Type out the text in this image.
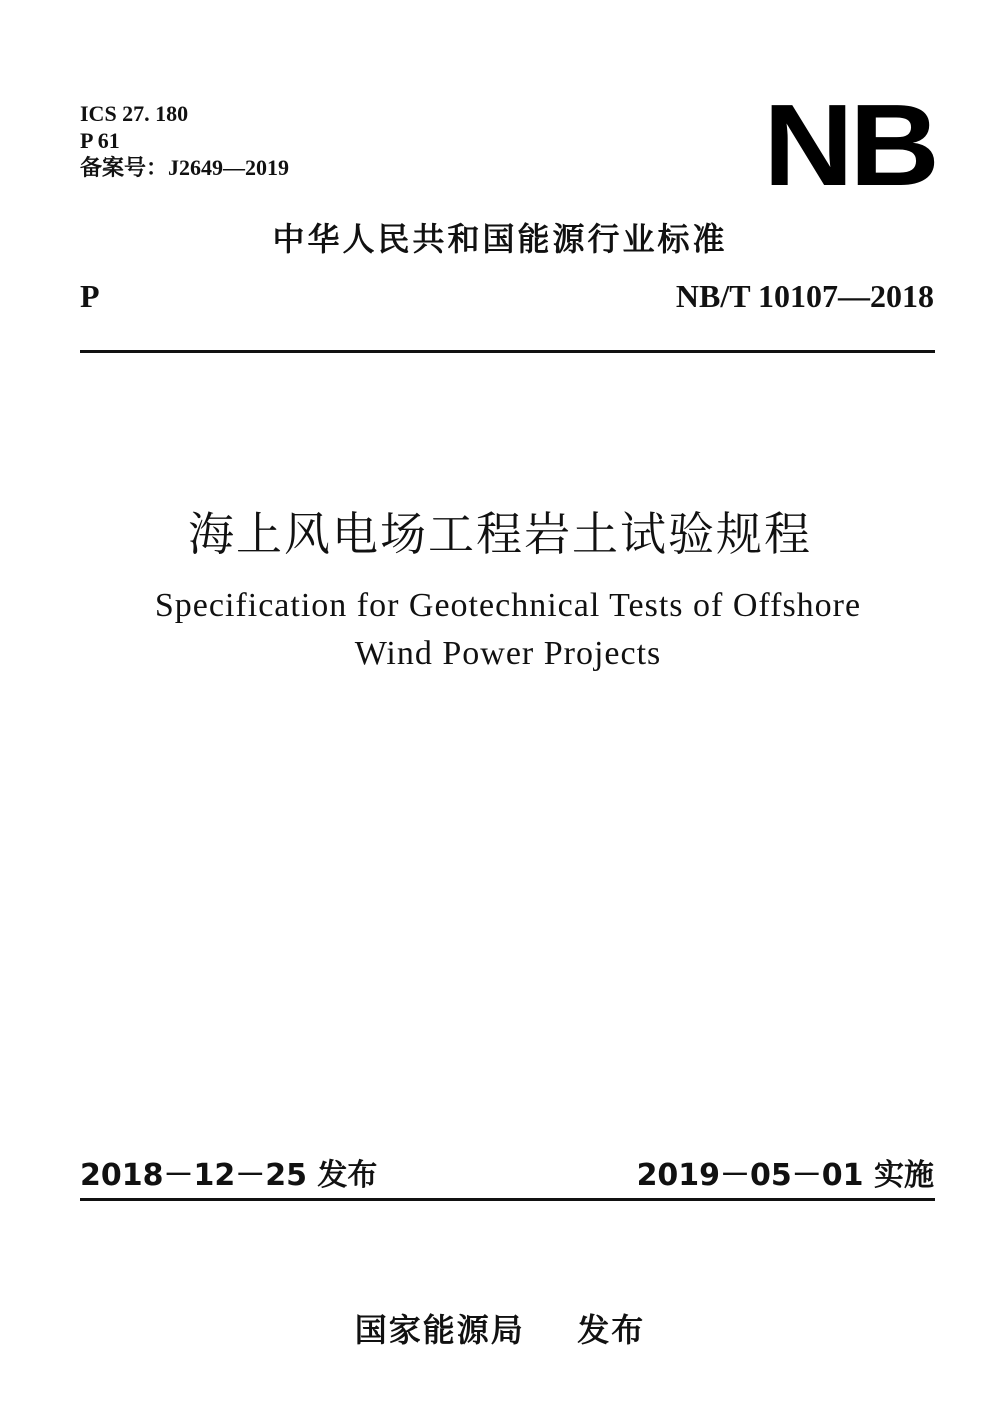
ICS 27. 180
P 61
备案号：J2649—2019	NB
中华人民共和国能源行业标准
P	NB/T 10107—2018
海上风电场工程岩土试验规程
Specification for Geotechnical Tests of Offshore
Wind Power Projects
2018－12－25 发布	2019－05－01 实施
国家能源局    发布
